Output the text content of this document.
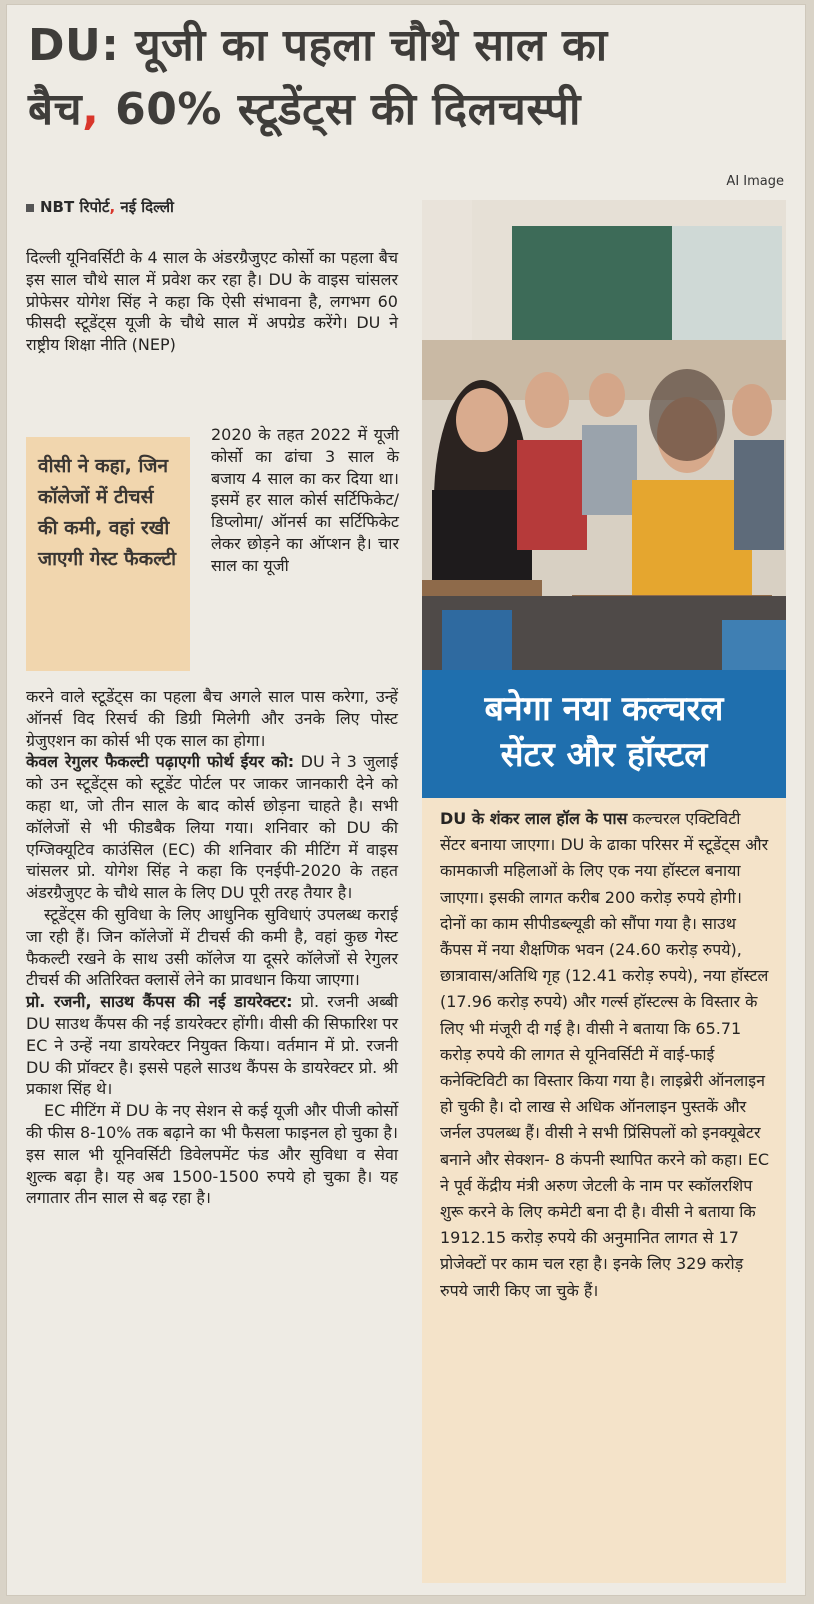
DU: यूजी का पहला चौथे साल का
बैच, 60% स्टूडेंट्स की दिलचस्पी
AI Image
NBT रिपोर्ट, नई दिल्ली

दिल्ली यूनिवर्सिटी के 4 साल के अंडरग्रैजुएट कोर्सो का पहला बैच इस साल चौथे साल में प्रवेश कर रहा है। DU के वाइस चांसलर प्रोफेसर योगेश सिंह ने कहा कि ऐसी संभावना है, लगभग 60 फीसदी स्टूडेंट्स यूजी के चौथे साल में अपग्रेड करेंगे। DU ने राष्ट्रीय शिक्षा नीति (NEP)

वीसी ने कहा, जिन कॉलेजों में टीचर्स की कमी, वहां रखी जाएगी गेस्ट फैकल्टी

2020 के तहत 2022 में यूजी कोर्सो का ढांचा 3 साल के बजाय 4 साल का कर दिया था। इसमें हर साल कोर्स सर्टिफिकेट/डिप्लोमा/ ऑनर्स का सर्टिफिकेट लेकर छोड़ने का ऑप्शन है। चार साल का यूजी

करने वाले स्टूडेंट्स का पहला बैच अगले साल पास करेगा, उन्हें ऑनर्स विद रिसर्च की डिग्री मिलेगी और उनके लिए पोस्ट ग्रेजुएशन का कोर्स भी एक साल का होगा।

केवल रेगुलर फैकल्टी पढ़ाएगी फोर्थ ईयर को: DU ने 3 जुलाई को उन स्टूडेंट्स को स्टूडेंट पोर्टल पर जाकर जानकारी देने को कहा था, जो तीन साल के बाद कोर्स छोड़ना चाहते है। सभी कॉलेजों से भी फीडबैक लिया गया। शनिवार को DU की एग्जिक्यूटिव काउंसिल (EC) की शनिवार की मीटिंग में वाइस चांसलर प्रो. योगेश सिंह ने कहा कि एनईपी-2020 के तहत अंडरग्रैजुएट के चौथे साल के लिए DU पूरी तरह तैयार है।

स्टूडेंट्स की सुविधा के लिए आधुनिक सुविधाएं उपलब्ध कराई जा रही हैं। जिन कॉलेजों में टीचर्स की कमी है, वहां कुछ गेस्ट फैकल्टी रखने के साथ उसी कॉलेज या दूसरे कॉलेजों से रेगुलर टीचर्स की अतिरिक्त क्लासें लेने का प्रावधान किया जाएगा।

प्रो. रजनी, साउथ कैंपस की नई डायरेक्टर: प्रो. रजनी अब्बी DU साउथ कैंपस की नई डायरेक्टर होंगी। वीसी की सिफारिश पर EC ने उन्हें नया डायरेक्टर नियुक्त किया। वर्तमान में प्रो. रजनी DU की प्रॉक्टर है। इससे पहले साउथ कैंपस के डायरेक्टर प्रो. श्री प्रकाश सिंह थे।

EC मीटिंग में DU के नए सेशन से कई यूजी और पीजी कोर्सो की फीस 8-10% तक बढ़ाने का भी फैसला फाइनल हो चुका है। इस साल भी यूनिवर्सिटी डिवेलपमेंट फंड और सुविधा व सेवा शुल्क बढ़ा है। यह अब 1500-1500 रुपये हो चुका है। यह लगातार तीन साल से बढ़ रहा है।

बनेगा नया कल्चरल
सेंटर और हॉस्टल

DU के शंकर लाल हॉल के पास कल्चरल एक्टिविटी सेंटर बनाया जाएगा। DU के ढाका परिसर में स्टूडेंट्स और कामकाजी महिलाओं के लिए एक नया हॉस्टल बनाया जाएगा। इसकी लागत करीब 200 करोड़ रुपये होगी। दोनों का काम सीपीडब्ल्यूडी को सौंपा गया है। साउथ कैंपस में नया शैक्षणिक भवन (24.60 करोड़ रुपये), छात्रावास/अतिथि गृह (12.41 करोड़ रुपये), नया हॉस्टल (17.96 करोड़ रुपये) और गर्ल्स हॉस्टल्स के विस्तार के लिए भी मंजूरी दी गई है। वीसी ने बताया कि 65.71 करोड़ रुपये की लागत से यूनिवर्सिटी में वाई-फाई कनेक्टिविटी का विस्तार किया गया है। लाइब्रेरी ऑनलाइन हो चुकी है। दो लाख से अधिक ऑनलाइन पुस्तकें और जर्नल उपलब्ध हैं। वीसी ने सभी प्रिंसिपलों को इनक्यूबेटर बनाने और सेक्शन- 8 कंपनी स्थापित करने को कहा। EC ने पूर्व केंद्रीय मंत्री अरुण जेटली के नाम पर स्कॉलरशिप शुरू करने के लिए कमेटी बना दी है। वीसी ने बताया कि 1912.15 करोड़ रुपये की अनुमानित लागत से 17 प्रोजेक्टों पर काम चल रहा है। इनके लिए 329 करोड़ रुपये जारी किए जा चुके हैं।
